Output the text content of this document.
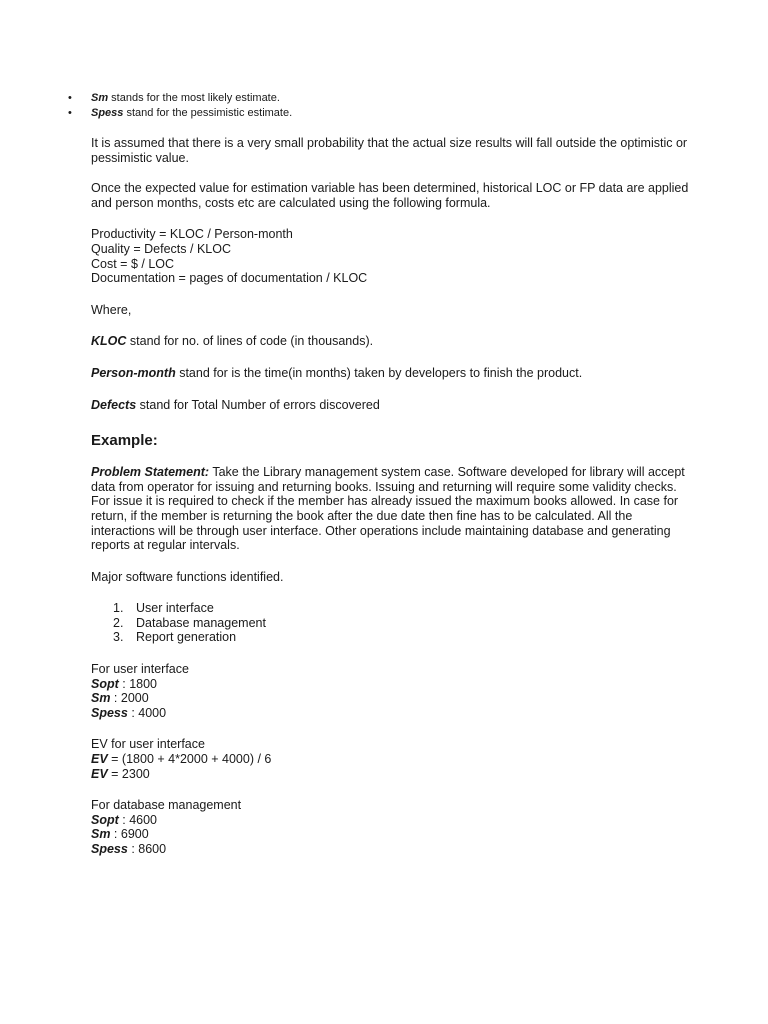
• Sm stands for the most likely estimate.
• Spess stand for the pessimistic estimate.

It is assumed that there is a very small probability that the actual size results will fall outside the optimistic or pessimistic value.

Once the expected value for estimation variable has been determined, historical LOC or FP data are applied and person months, costs etc are calculated using the following formula.

Productivity = KLOC / Person-month
Quality = Defects / KLOC
Cost = $ / LOC
Documentation = pages of documentation / KLOC

Where,

KLOC stand for no. of lines of code (in thousands).

Person-month stand for is the time(in months) taken by developers to finish the product.

Defects stand for Total Number of errors discovered

Example:

Problem Statement: Take the Library management system case. Software developed for library will accept data from operator for issuing and returning books. Issuing and returning will require some validity checks. For issue it is required to check if the member has already issued the maximum books allowed. In case for return, if the member is returning the book after the due date then fine has to be calculated. All the interactions will be through user interface. Other operations include maintaining database and generating reports at regular intervals.

Major software functions identified.

1. User interface
2. Database management
3. Report generation
For user interface
Sopt : 1800
Sm : 2000
Spess : 4000
EV for user interface
EV = (1800 + 4*2000 + 4000) / 6
EV = 2300
For database management
Sopt : 4600
Sm : 6900
Spess : 8600
